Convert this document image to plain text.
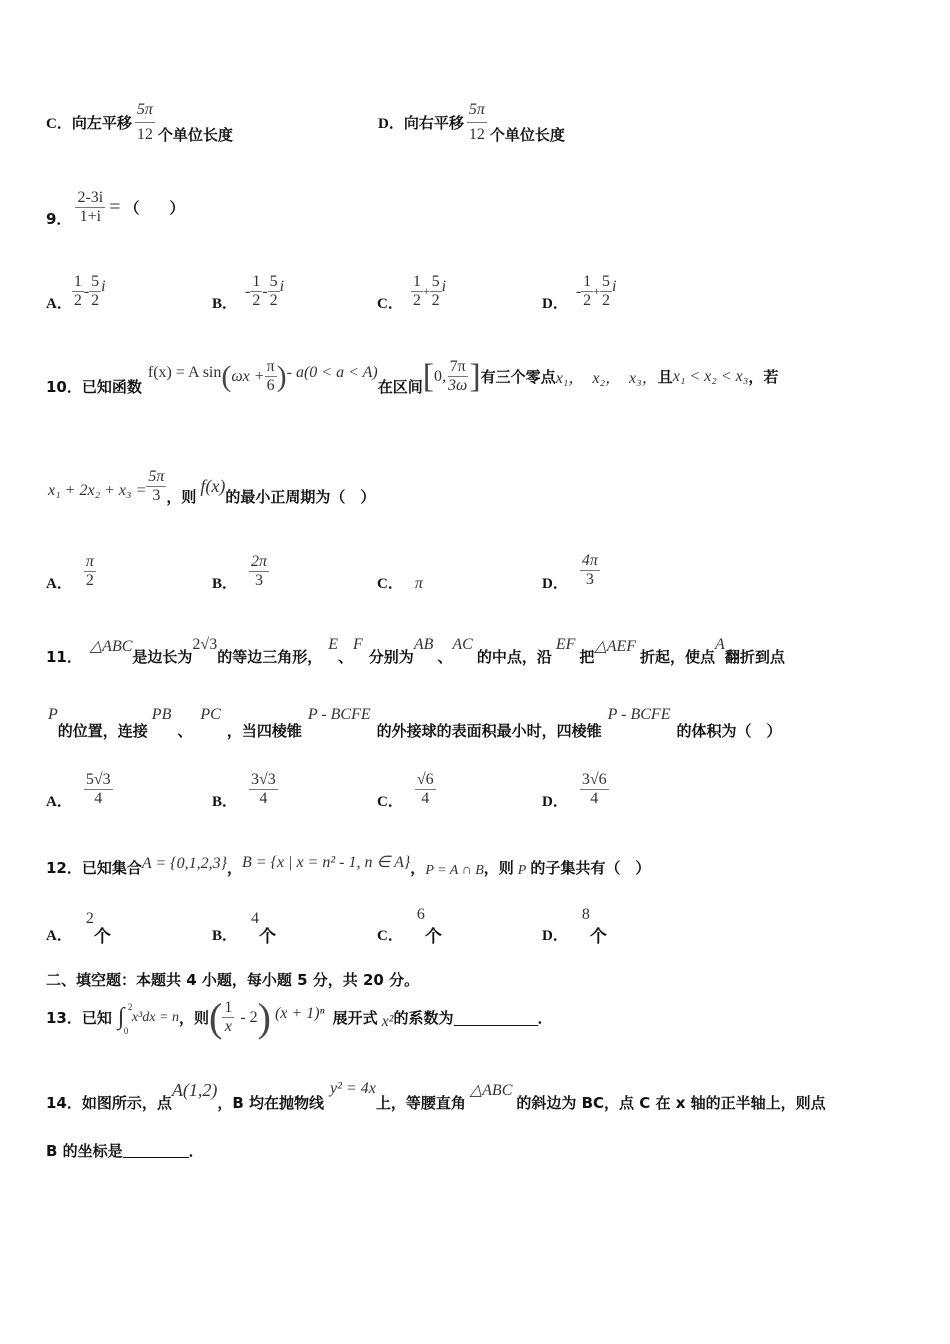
C． 向左平移 $\frac{5\pi}{12}$ 个单位长度
D． 向右平移 $\frac{5\pi}{12}$ 个单位长度
9． $\frac{2-3i}{1+i}$ = （　　）
A． $\frac{1}{2} - \frac{5}{2}$ i
B．
- $\frac{1}{2} - \frac{5}{2}$ i
C． $\frac{1}{2} + \frac{5}{2}$ i
D．
- $\frac{1}{2} + \frac{5}{2}$ i
10． 已知函数
f(x) = A sin ( $\omega x + \frac{\pi}{6}$ ) - a(0 < a < A)
在区间 [ 0, $\frac{7\pi}{3\omega}$ ] 有三个零点 x₁， x₂， x₃， 且 x₁ < x₂ < x₃ ，若
$x_1 + 2x_2 + x_3 = \frac{5\pi}{3}$ ，则
f(x)
的最小正周期为（　）
A． $\frac{\pi}{2}$	B． $\frac{2\pi}{3}$	C． π	D． $\frac{4\pi}{3}$
11．
△ABC
是边长为
2√3
的等边三角形，
E
、
F
分别为
AB
、
AC
的中点，沿
EF
把
△AEF
折起，使点
A
翻折到点
P
的位置，连接
PB
、
PC
，当四棱锥
P - BCFE
的外接球的表面积最小时，四棱锥
P - BCFE
的体积为（　）
A． $\frac{5√3}{4}$	B． $\frac{3√3}{4}$	C． $\frac{√6}{4}$	D． $\frac{3√6}{4}$
12． 已知集合 A = {0,1,2,3} ， B = {x | x = n² - 1, n ∈ A} ， P = A ∩ B ，则 P 的子集共有（　）
A．
2
个	B．
4
个	C．
6
个	D．
8
个
二、填空题：本题共 4 小题，每小题 5 分，共 20 分。
13． 已知 ∫ 2
0
x³dx = n ，则 ( $\frac{1}{x} - 2$ ) (x + 1)ⁿ 展开式 x² 的系数为	．
14． 如图所示，点
A(1,2)
，B 均在抛物线
y² = 4x
上，等腰直角
△ABC
的斜边为 BC，点 C 在 x 轴的正半轴上，则点
B 的坐标是	．
